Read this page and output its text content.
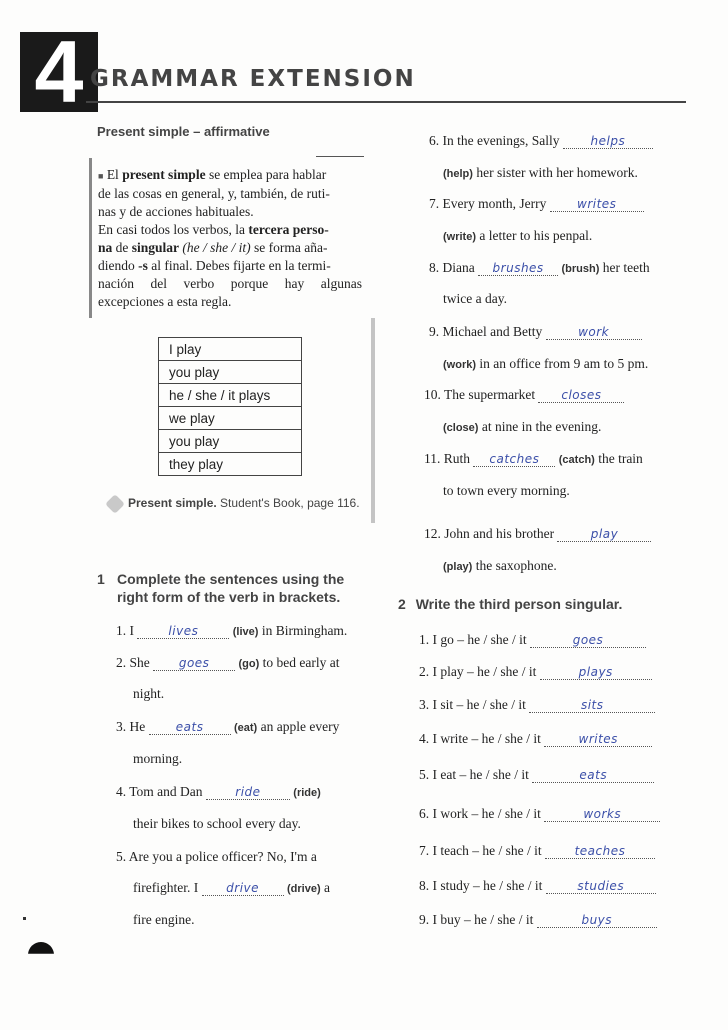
4 GRAMMAR EXTENSION
Present simple – affirmative
■ El present simple se emplea para hablar
de las cosas en general, y, también, de ruti-
nas y de acciones habituales.
En casi todos los verbos, la tercera perso-
na de singular (he / she / it) se forma aña-
diendo -s al final. Debes fijarte en la termi-
nación del verbo porque hay algunas
excepciones a esta regla.
I play
you play
he / she / it plays
we play
you play
they play
Present simple. Student's Book, page 116.
1 Complete the sentences using the
right form of the verb in brackets.
1. I	lives	(live) in Birmingham.
2. She goes	(go) to bed early at
night.
3. He eats	(eat) an apple every
morning.
4. Tom and Dan ride	(ride)
their bikes to school every day.
5. Are you a police officer? No, I'm a
firefighter. I drive	(drive) a
fire engine.
6. In the evenings, Sally helps
(help) her sister with her homework.
7. Every month, Jerry writes
(write) a letter to his penpal.
8. Diana brushes (brush) her teeth
twice a day.
9. Michael and Betty	work
(work) in an office from 9 am to 5 pm.
10. The supermarket closes
(close) at nine in the evening.
11. Ruth catches (catch) the train
to town every morning.
12. John and his brother	play
(play) the saxophone.
2 Write the third person singular.
1. I go – he / she / it	goes
2. I play – he / she / it	plays
3. I sit – he / she / it	sits
4. I write – he / she / it	writes
5. I eat – he / she / it	eats
6. I work – he / she / it	works
7. I teach – he / she / it teaches
8. I study – he / she / it	studies
9. I buy – he / she / it	buys
